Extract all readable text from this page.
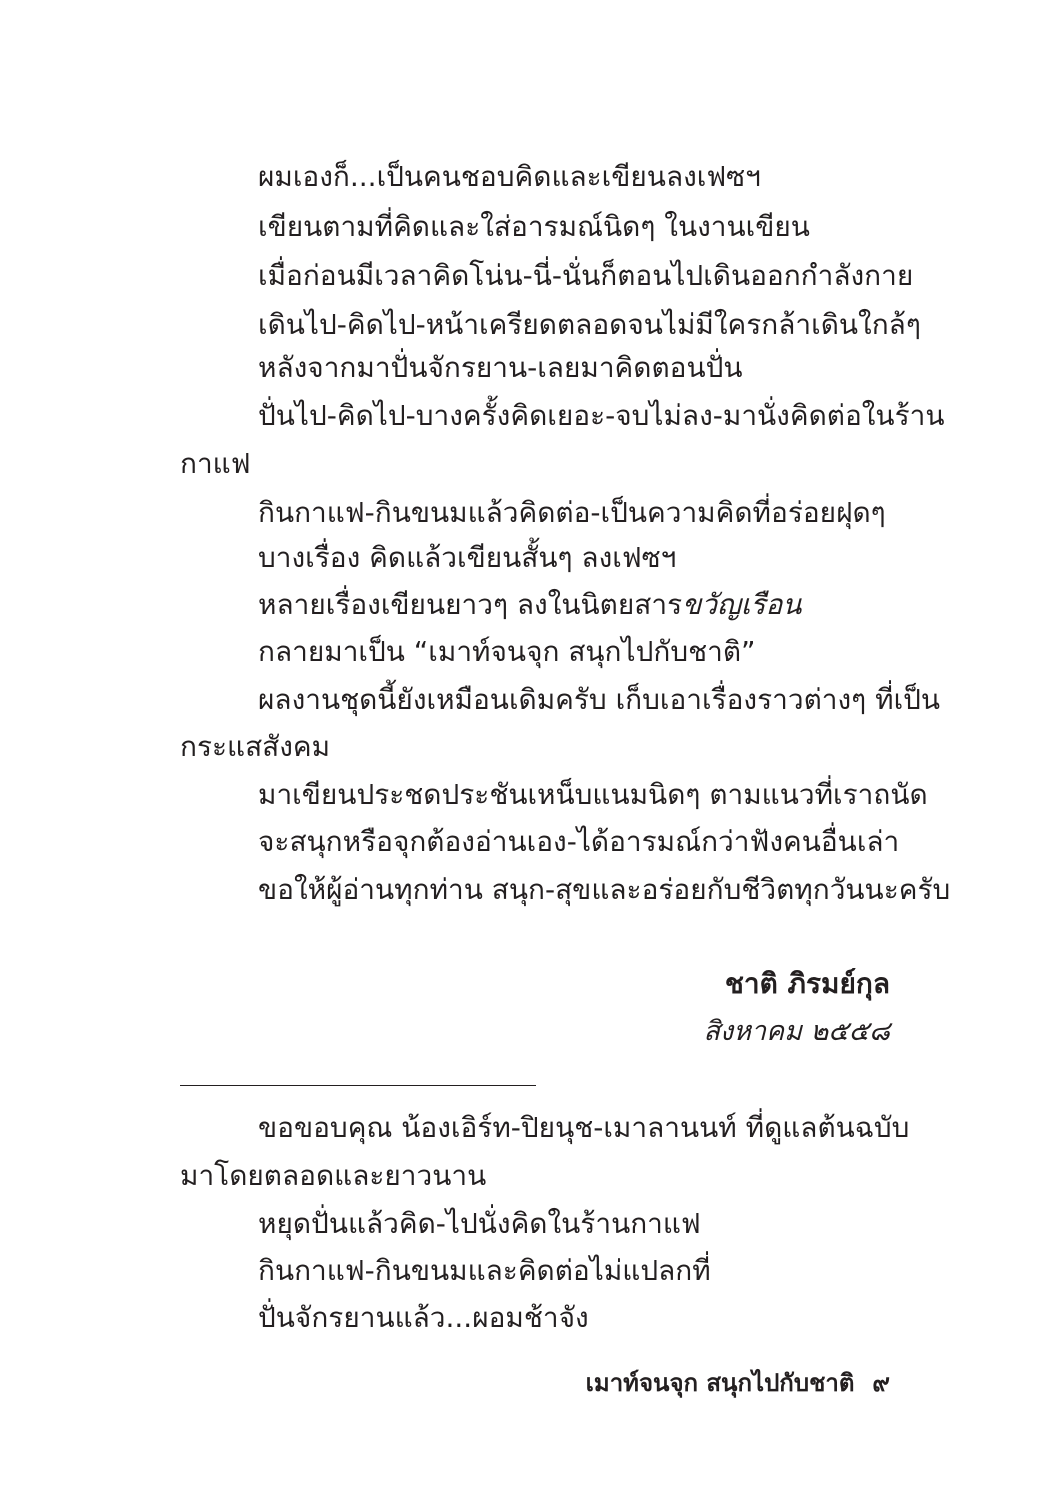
ผมเองก็...เป็นคนชอบคิดและเขียนลงเฟซฯ
เขียนตามที่คิดและใส่อารมณ์นิดๆ ในงานเขียน
เมื่อก่อนมีเวลาคิดโน่น-นี่-นั่นก็ตอนไปเดินออกกำลังกาย
เดินไป-คิดไป-หน้าเครียดตลอดจนไม่มีใครกล้าเดินใกล้ๆ
หลังจากมาปั่นจักรยาน-เลยมาคิดตอนปั่น
ปั่นไป-คิดไป-บางครั้งคิดเยอะ-จบไม่ลง-มานั่งคิดต่อในร้าน
กาแฟ
กินกาแฟ-กินขนมแล้วคิดต่อ-เป็นความคิดที่อร่อยฝุดๆ
บางเรื่อง คิดแล้วเขียนสั้นๆ ลงเฟซฯ
หลายเรื่องเขียนยาวๆ ลงในนิตยสารขวัญเรือน
กลายมาเป็น “เมาท์จนจุก สนุกไปกับชาติ”
ผลงานชุดนี้ยังเหมือนเดิมครับ เก็บเอาเรื่องราวต่างๆ ที่เป็น
กระแสสังคม
มาเขียนประชดประชันเหน็บแนมนิดๆ ตามแนวที่เราถนัด
จะสนุกหรือจุกต้องอ่านเอง-ได้อารมณ์กว่าฟังคนอื่นเล่า
ขอให้ผู้อ่านทุกท่าน สนุก-สุขและอร่อยกับชีวิตทุกวันนะครับ
ชาติ ภิรมย์กุล
สิงหาคม ๒๕๕๘
ขอขอบคุณ น้องเอิร์ท-ปิยนุช-เมาลานนท์ ที่ดูแลต้นฉบับ
มาโดยตลอดและยาวนาน
หยุดปั่นแล้วคิด-ไปนั่งคิดในร้านกาแฟ
กินกาแฟ-กินขนมและคิดต่อไม่แปลกที่
ปั่นจักรยานแล้ว...ผอมช้าจัง
เมาท์จนจุก สนุกไปกับชาติ ๙
